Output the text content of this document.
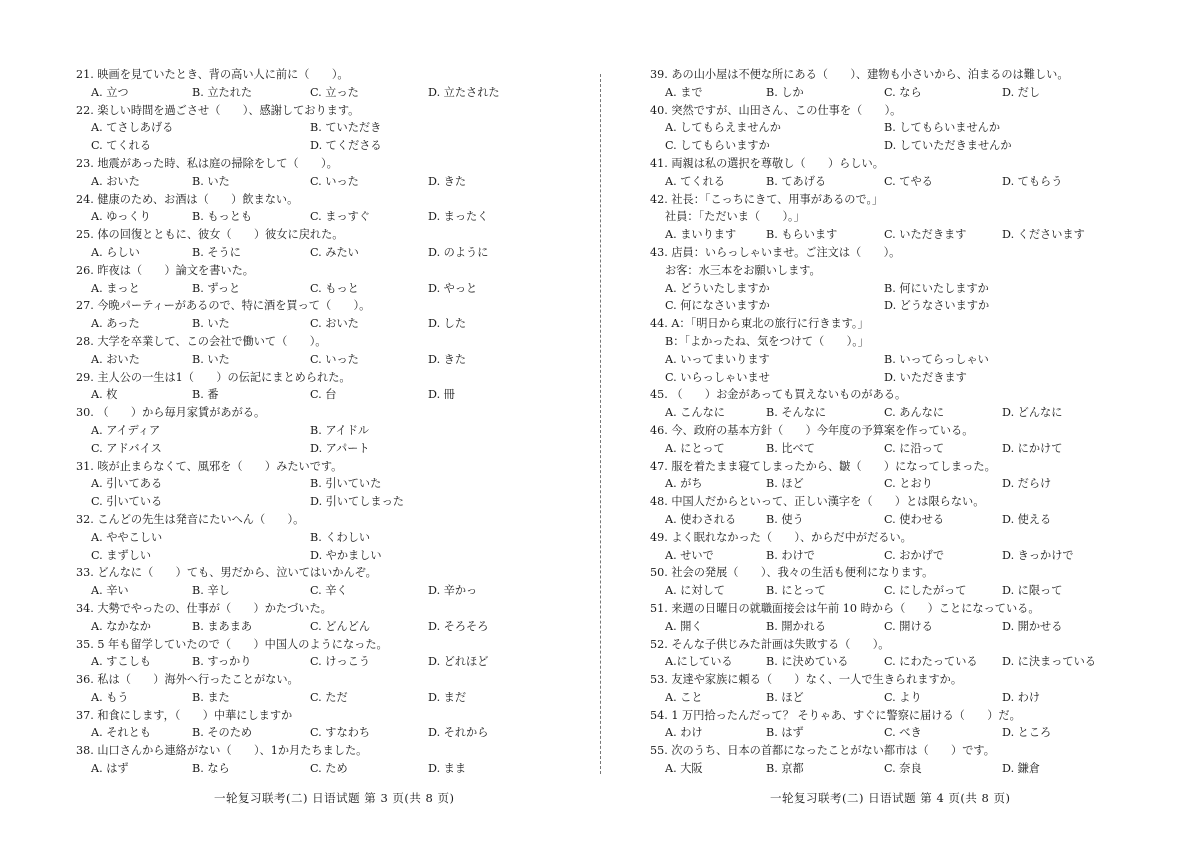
21. 映画を見ていたとき、背の高い人に前に（　　）。
A. 立つ	B. 立たれた	C. 立った	D. 立たされた
22. 楽しい時間を過ごさせ（　　）、感謝しております。
A. てさしあげる	B. ていただき
C. てくれる	D. てくださる
23. 地震があった時、私は庭の掃除をして（　　）。
A. おいた	B. いた	C. いった	D. きた
24. 健康のため、お酒は（　　）飲まない。
A. ゆっくり	B. もっとも	C. まっすぐ	D. まったく
25. 体の回復とともに、彼女（　　）彼女に戻れた。
A. らしい	B. そうに	C. みたい	D. のように
26. 昨夜は（　　）論文を書いた。
A. まっと	B. ずっと	C. もっと	D. やっと
27. 今晩パーティーがあるので、特に酒を買って（　　）。
A. あった	B. いた	C. おいた	D. した
28. 大学を卒業して、この会社で働いて（　　）。
A. おいた	B. いた	C. いった	D. きた
29. 主人公の一生は1（　　）の伝記にまとめられた。
A. 枚	B. 番	C. 台	D. 冊
30. （　　）から毎月家賃があがる。
A. アイディア	B. アイドル
C. アドバイス	D. アパート
31. 咳が止まらなくて、風邪を（　　）みたいです。
A. 引いてある	B. 引いていた
C. 引いている	D. 引いてしまった
32. こんどの先生は発音にたいへん（　　）。
A. ややこしい	B. くわしい
C. まずしい	D. やかましい
33. どんなに（　　）ても、男だから、泣いてはいかんぞ。
A. 辛い	B. 辛し	C. 辛く	D. 辛かっ
34. 大勢でやったの、仕事が（　　）かたづいた。
A. なかなか	B. まあまあ	C. どんどん	D. そろそろ
35. 5 年も留学していたので（　　）中国人のようになった。
A. すこしも	B. すっかり	C. けっこう	D. どれほど
36. 私は（　　）海外へ行ったことがない。
A. もう	B. また	C. ただ	D. まだ
37. 和食にします，（　　）中華にしますか
A. それとも	B. そのため	C. すなわち	D. それから
38. 山口さんから連絡がない（　　）、1か月たちました。
A. はず	B. なら	C. ため	D. まま
39. あの山小屋は不便な所にある（　　）、建物も小さいから、泊まるのは難しい。
A. まで	B. しか	C. なら	D. だし
40. 突然ですが、山田さん、この仕事を（　　）。
A. してもらえませんか	B. してもらいませんか
C. してもらいますか	D. していただきませんか
41. 両親は私の選択を尊敬し（　　）らしい。
A. てくれる	B. てあげる	C. てやる	D. てもらう
42. 社長：「こっちにきて、用事があるので。」
社員：「ただいま（　　）。」
A. まいります	B. もらいます	C. いただきます	D. くださいます
43. 店員：いらっしゃいませ。ご注文は（　　）。
お客：水三本をお願いします。
A. どういたしますか	B. 何にいたしますか
C. 何になさいますか	D. どうなさいますか
44. A：「明日から東北の旅行に行きます。」
B：「よかったね、気をつけて（　　）。」
A. いってまいります	B. いってらっしゃい
C. いらっしゃいませ	D. いただきます
45. （　　）お金があっても買えないものがある。
A. こんなに	B. そんなに	C. あんなに	D. どんなに
46. 今、政府の基本方針（　　）今年度の予算案を作っている。
A. にとって	B. 比べて	C. に沿って	D. にかけて
47. 服を着たまま寝てしまったから、皺（　　）になってしまった。
A. がち	B. ほど	C. とおり	D. だらけ
48. 中国人だからといって、正しい漢字を（　　）とは限らない。
A. 使わされる	B. 使う	C. 使わせる	D. 使える
49. よく眠れなかった（　　）、からだ中がだるい。
A. せいで	B. わけで	C. おかげで	D. きっかけで
50. 社会の発展（　　）、我々の生活も便利になります。
A. に対して	B. にとって	C. にしたがって	D. に限って
51. 来週の日曜日の就職面接会は午前 10 時から（　　）ことになっている。
A. 開く	B. 開かれる	C. 開ける	D. 開かせる
52. そんな子供じみた計画は失敗する（　　）。
A.にしている	B. に決めている	C. にわたっている D. に決まっている
53. 友達や家族に頼る（　　）なく、一人で生きられますか。
A. こと	B. ほど	C. より	D. わけ
54. 1 万円拾ったんだって？ そりゃあ、すぐに警察に届ける（　　）だ。
A. わけ	B. はず	C. べき	D. ところ
55. 次のうち、日本の首都になったことがない都市は（　　）です。
A. 大阪	B. 京都	C. 奈良	D. 鎌倉
一轮复习联考(二) 日语试题 第 3 页(共 8 页)	一轮复习联考(二) 日语试题 第 4 页(共 8 页)
